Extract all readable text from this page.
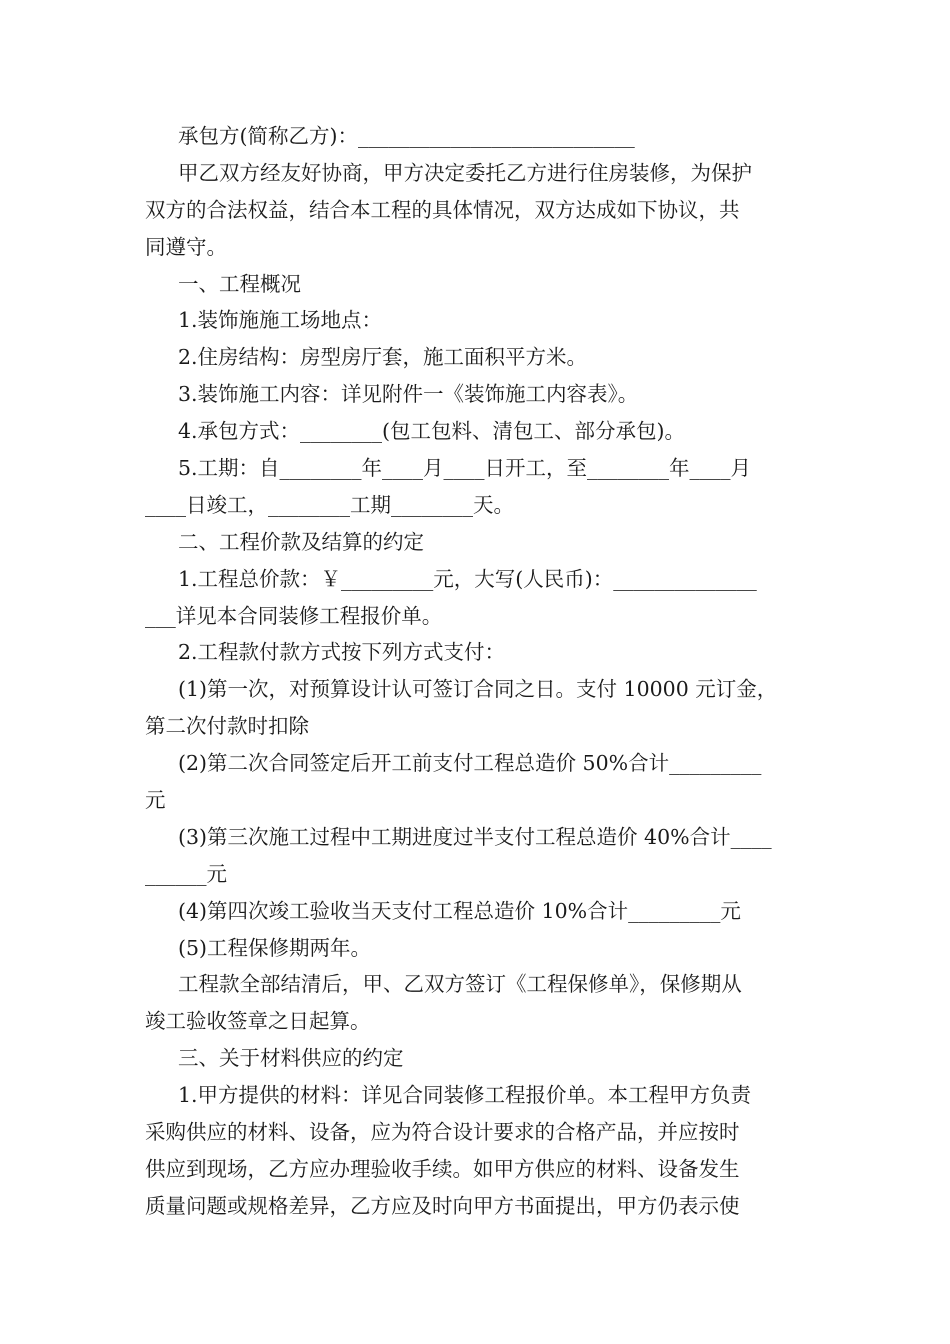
承包方(简称乙方)：___________________________
甲乙双方经友好协商，甲方决定委托乙方进行住房装修，为保护
双方的合法权益，结合本工程的具体情况，双方达成如下协议，共
同遵守。
一、工程概况
1.装饰施施工场地点：
2.住房结构：房型房厅套，施工面积平方米。
3.装饰施工内容：详见附件一《装饰施工内容表》。
4.承包方式：________(包工包料、清包工、部分承包)。
5.工期：自________年____月____日开工，至________年____月
____日竣工，________工期________天。
二、工程价款及结算的约定
1.工程总价款：￥_________元，大写(人民币)：______________
___详见本合同装修工程报价单。
2.工程款付款方式按下列方式支付：
(1)第一次，对预算设计认可签订合同之日。支付 10000 元订金，
第二次付款时扣除
(2)第二次合同签定后开工前支付工程总造价 50%合计_________
元
(3)第三次施工过程中工期进度过半支付工程总造价 40%合计____
______元
(4)第四次竣工验收当天支付工程总造价 10%合计_________元
(5)工程保修期两年。
工程款全部结清后，甲、乙双方签订《工程保修单》，保修期从
竣工验收签章之日起算。
三、关于材料供应的约定
1.甲方提供的材料：详见合同装修工程报价单。本工程甲方负责
采购供应的材料、设备，应为符合设计要求的合格产品，并应按时
供应到现场，乙方应办理验收手续。如甲方供应的材料、设备发生
质量问题或规格差异，乙方应及时向甲方书面提出，甲方仍表示使
